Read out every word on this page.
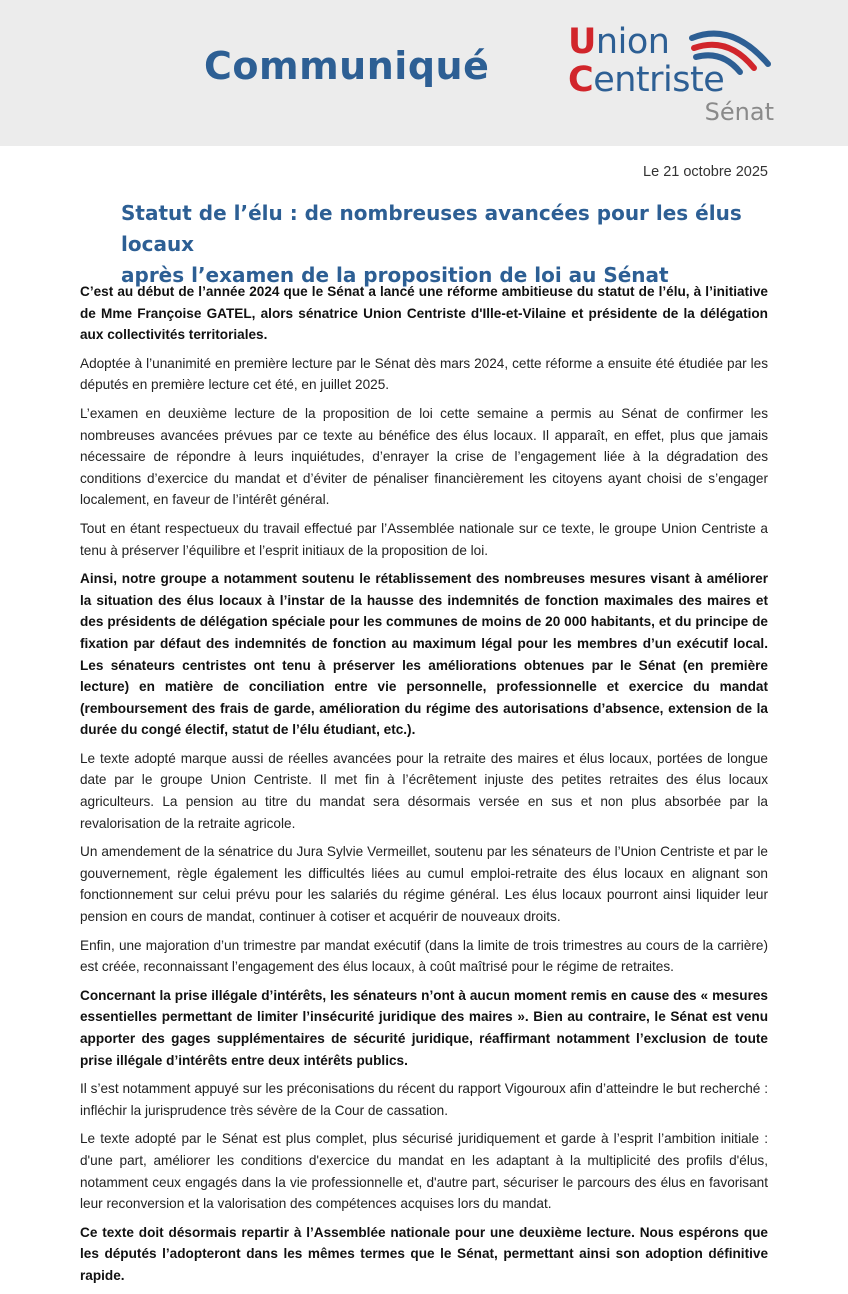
Communiqué
Union
Centriste
Sénat
Le 21 octobre 2025
Statut de l’élu : de nombreuses avancées pour les élus locaux
après l’examen de la proposition de loi au Sénat

C’est au début de l’année 2024 que le Sénat a lancé une réforme ambitieuse du statut de l’élu, à l’initiative de Mme Françoise GATEL, alors sénatrice Union Centriste d'Ille-et-Vilaine et présidente de la délégation aux collectivités territoriales.

Adoptée à l’unanimité en première lecture par le Sénat dès mars 2024, cette réforme a ensuite été étudiée par les députés en première lecture cet été, en juillet 2025.

L’examen en deuxième lecture de la proposition de loi cette semaine a permis au Sénat de confirmer les nombreuses avancées prévues par ce texte au bénéfice des élus locaux. Il apparaît, en effet, plus que jamais nécessaire de répondre à leurs inquiétudes, d’enrayer la crise de l’engagement liée à la dégradation des conditions d’exercice du mandat et d’éviter de pénaliser financièrement les citoyens ayant choisi de s’engager localement, en faveur de l’intérêt général.

Tout en étant respectueux du travail effectué par l’Assemblée nationale sur ce texte, le groupe Union Centriste a tenu à préserver l’équilibre et l’esprit initiaux de la proposition de loi.

Ainsi, notre groupe a notamment soutenu le rétablissement des nombreuses mesures visant à améliorer la situation des élus locaux à l’instar de la hausse des indemnités de fonction maximales des maires et des présidents de délégation spéciale pour les communes de moins de 20 000 habitants, et du principe de fixation par défaut des indemnités de fonction au maximum légal pour les membres d’un exécutif local. Les sénateurs centristes ont tenu à préserver les améliorations obtenues par le Sénat (en première lecture) en matière de conciliation entre vie personnelle, professionnelle et exercice du mandat (remboursement des frais de garde, amélioration du régime des autorisations d’absence, extension de la durée du congé électif, statut de l’élu étudiant, etc.).

Le texte adopté marque aussi de réelles avancées pour la retraite des maires et élus locaux, portées de longue date par le groupe Union Centriste. Il met fin à l’écrêtement injuste des petites retraites des élus locaux agriculteurs. La pension au titre du mandat sera désormais versée en sus et non plus absorbée par la revalorisation de la retraite agricole.

Un amendement de la sénatrice du Jura Sylvie Vermeillet, soutenu par les sénateurs de l’Union Centriste et par le gouvernement, règle également les difficultés liées au cumul emploi-retraite des élus locaux en alignant son fonctionnement sur celui prévu pour les salariés du régime général. Les élus locaux pourront ainsi liquider leur pension en cours de mandat, continuer à cotiser et acquérir de nouveaux droits.

Enfin, une majoration d’un trimestre par mandat exécutif (dans la limite de trois trimestres au cours de la carrière) est créée, reconnaissant l’engagement des élus locaux, à coût maîtrisé pour le régime de retraites.

Concernant la prise illégale d’intérêts, les sénateurs n’ont à aucun moment remis en cause des « mesures essentielles permettant de limiter l’insécurité juridique des maires ». Bien au contraire, le Sénat est venu apporter des gages supplémentaires de sécurité juridique, réaffirmant notamment l’exclusion de toute prise illégale d’intérêts entre deux intérêts publics.

Il s’est notamment appuyé sur les préconisations du récent du rapport Vigouroux afin d’atteindre le but recherché : infléchir la jurisprudence très sévère de la Cour de cassation.

Le texte adopté par le Sénat est plus complet, plus sécurisé juridiquement et garde à l’esprit l’ambition initiale : d'une part, améliorer les conditions d'exercice du mandat en les adaptant à la multiplicité des profils d'élus, notamment ceux engagés dans la vie professionnelle et, d'autre part, sécuriser le parcours des élus en favorisant leur reconversion et la valorisation des compétences acquises lors du mandat.

Ce texte doit désormais repartir à l’Assemblée nationale pour une deuxième lecture. Nous espérons que les députés l’adopteront dans les mêmes termes que le Sénat, permettant ainsi son adoption définitive rapide.
